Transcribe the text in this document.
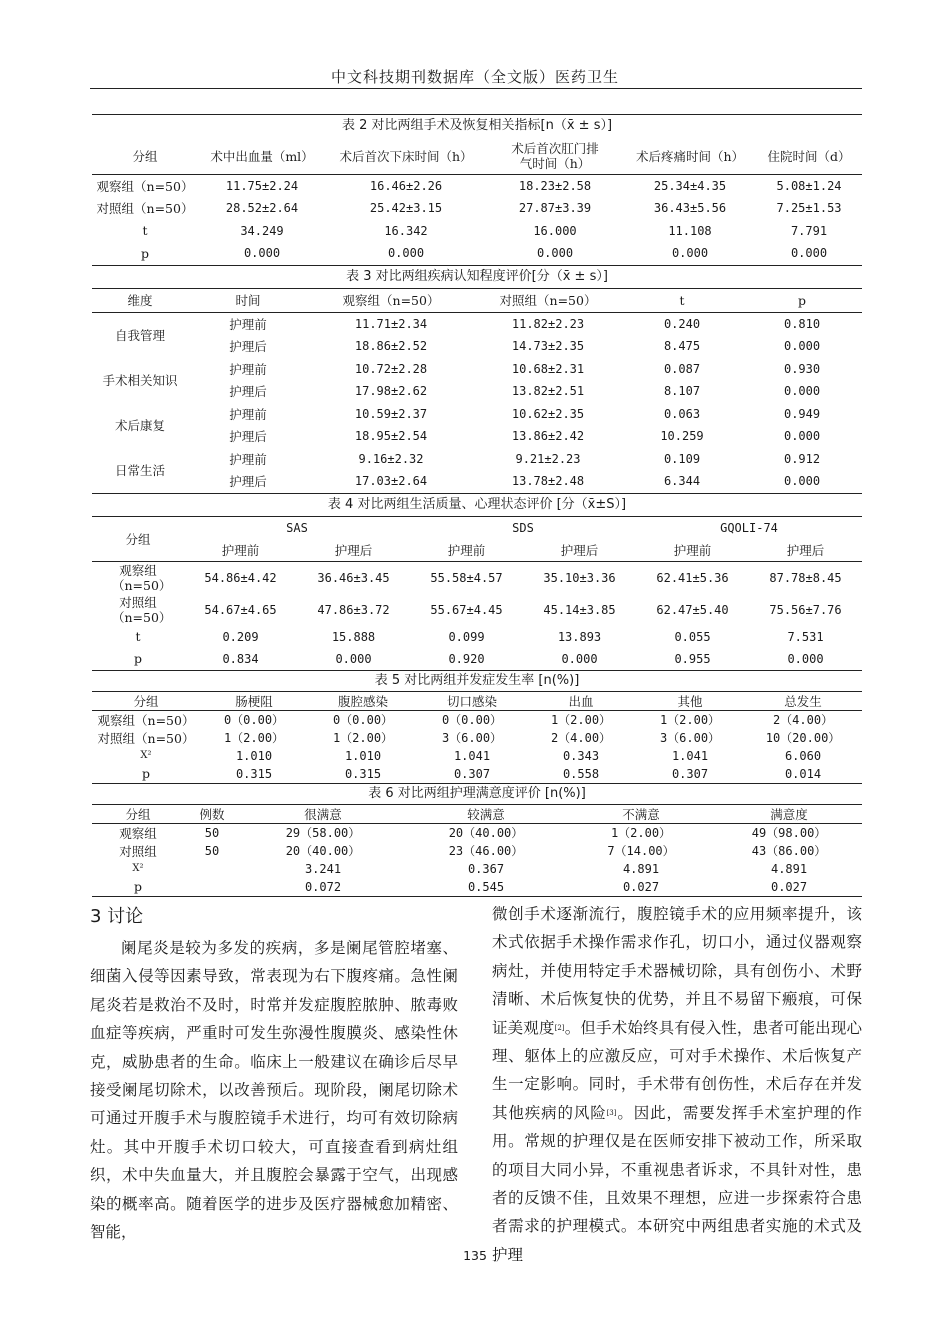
中文科技期刊数据库（全文版）医药卫生
表 2 对比两组手术及恢复相关指标[n（x̄ ± s）]					
分组	术中出血量（ml）	术后首次下床时间（h）	术后首次肛门排气时间（h）	术后疼痛时间（h）	住院时间（d）
观察组（n=50）	11.75±2.24	16.46±2.26	18.23±2.58	25.34±4.35	5.08±1.24
对照组（n=50）	28.52±2.64	25.42±3.15	27.87±3.39	36.43±5.56	7.25±1.53
t	34.249	16.342	16.000	11.108	7.791
p	0.000	0.000	0.000	0.000	0.000
表 3 对比两组疾病认知程度评价[分（x̄ ± s）]					
维度	时间	观察组（n=50）	对照组（n=50）	t	p
自我管理	护理前	11.71±2.34	11.82±2.23	0.240	0.810
	护理后	18.86±2.52	14.73±2.35	8.475	0.000
手术相关知识	护理前	10.72±2.28	10.68±2.31	0.087	0.930
	护理后	17.98±2.62	13.82±2.51	8.107	0.000
术后康复	护理前	10.59±2.37	10.62±2.35	0.063	0.949
	护理后	18.95±2.54	13.86±2.42	10.259	0.000
日常生活	护理前	9.16±2.32	9.21±2.23	0.109	0.912
	护理后	17.03±2.64	13.78±2.48	6.344	0.000
表 4 对比两组生活质量、心理状态评价 [分（x̄±S）]						
分组	SAS		SDS		GQOLI-74	
	护理前	护理后	护理前	护理后	护理前	护理后
观察组（n=50）	54.86±4.42	36.46±3.45	55.58±4.57	35.10±3.36	62.41±5.36	87.78±8.45
对照组（n=50）	54.67±4.65	47.86±3.72	55.67±4.45	45.14±3.85	62.47±5.40	75.56±7.76
t	0.209	15.888	0.099	13.893	0.055	7.531
p	0.834	0.000	0.920	0.000	0.955	0.000
表 5 对比两组并发症发生率 [n(%)]						
分组	肠梗阻	腹腔感染	切口感染	出血	其他	总发生
观察组（n=50）	0（0.00）	0（0.00）	0（0.00）	1（2.00）	1（2.00）	2（4.00）
对照组（n=50）	1（2.00）	1（2.00）	3（6.00）	2（4.00）	3（6.00）	10（20.00）
X²	1.010	1.010	1.041	0.343	1.041	6.060
p	0.315	0.315	0.307	0.558	0.307	0.014
表 6 对比两组护理满意度评价 [n(%)]					
分组	例数	很满意	较满意	不满意	满意度
观察组	50	29（58.00）	20（40.00）	1（2.00）	49（98.00）
对照组	50	20（40.00）	23（46.00）	7（14.00）	43（86.00）
X²		3.241	0.367	4.891	4.891
p		0.072	0.545	0.027	0.027
3 讨论

阑尾炎是较为多发的疾病，多是阑尾管腔堵塞、细菌入侵等因素导致，常表现为右下腹疼痛。急性阑尾炎若是救治不及时，时常并发症腹腔脓肿、脓毒败血症等疾病，严重时可发生弥漫性腹膜炎、感染性休克，威胁患者的生命。临床上一般建议在确诊后尽早接受阑尾切除术，以改善预后。现阶段，阑尾切除术可通过开腹手术与腹腔镜手术进行，均可有效切除病灶。其中开腹手术切口较大，可直接查看到病灶组织，术中失血量大，并且腹腔会暴露于空气，出现感染的概率高。随着医学的进步及医疗器械愈加精密、智能，

微创手术逐渐流行，腹腔镜手术的应用频率提升，该术式依据手术操作需求作孔，切口小，通过仪器观察病灶，并使用特定手术器械切除，具有创伤小、术野清晰、术后恢复快的优势，并且不易留下瘢痕，可保证美观度[2]。但手术始终具有侵入性，患者可能出现心理、躯体上的应激反应，可对手术操作、术后恢复产生一定影响。同时，手术带有创伤性，术后存在并发其他疾病的风险[3]。因此，需要发挥手术室护理的作用。常规的护理仅是在医师安排下被动工作，所采取的项目大同小异，不重视患者诉求，不具针对性，患者的反馈不佳，且效果不理想，应进一步探索符合患者需求的护理模式。本研究中两组患者实施的术式及护理

135
